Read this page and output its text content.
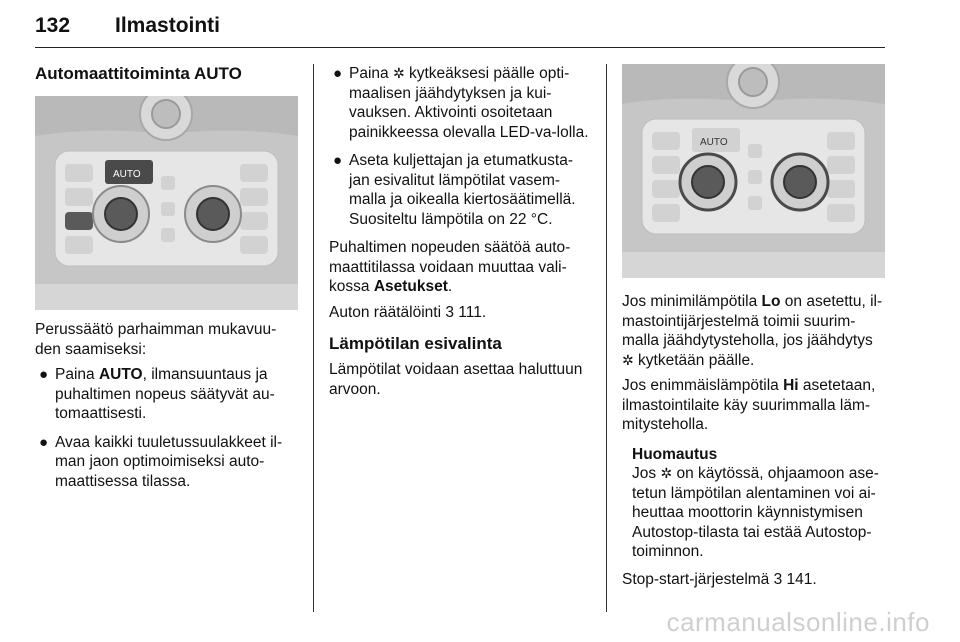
132 Ilmastointi
Automaattitoiminta AUTO
AUTO

Perussäätö parhaimman mukavuu-den saamiseksi:

● Paina AUTO, ilmansuuntaus ja puhaltimen nopeus säätyvät au-tomaattisesti.
● Avaa kaikki tuuletussuulakkeet il-man jaon optimoimiseksi auto-maattisessa tilassa.
● Paina ✲ kytkeäksesi päälle opti-maalisen jäähdytyksen ja kui-vauksen. Aktivointi osoitetaan painikkeessa olevalla LED-va-lolla.
● Aseta kuljettajan ja etumatkusta-jan esivalitut lämpötilat vasem-malla ja oikealla kiertosäätimellä. Suositeltu lämpötila on 22 °C.

Puhaltimen nopeuden säätöä auto-maattitilassa voidaan muuttaa vali-kossa Asetukset.

Auton räätälöinti 3 111.

Lämpötilan esivalinta

Lämpötilat voidaan asettaa haluttuun arvoon.

AUTO

Jos minimilämpötila Lo on asetettu, il-mastointijärjestelmä toimii suurim-malla jäähdytysteholla, jos jäähdytys ✲ kytketään päälle.

Jos enimmäislämpötila Hi asetetaan, ilmastointilaite käy suurimmalla läm-mitysteholla.

Huomautus
Jos ✲ on käytössä, ohjaamoon ase-tetun lämpötilan alentaminen voi ai-heuttaa moottorin käynnistymisen Autostop-tilasta tai estää Autostop-toiminnon.

Stop-start-järjestelmä 3 141.

carmanualsonline.info
